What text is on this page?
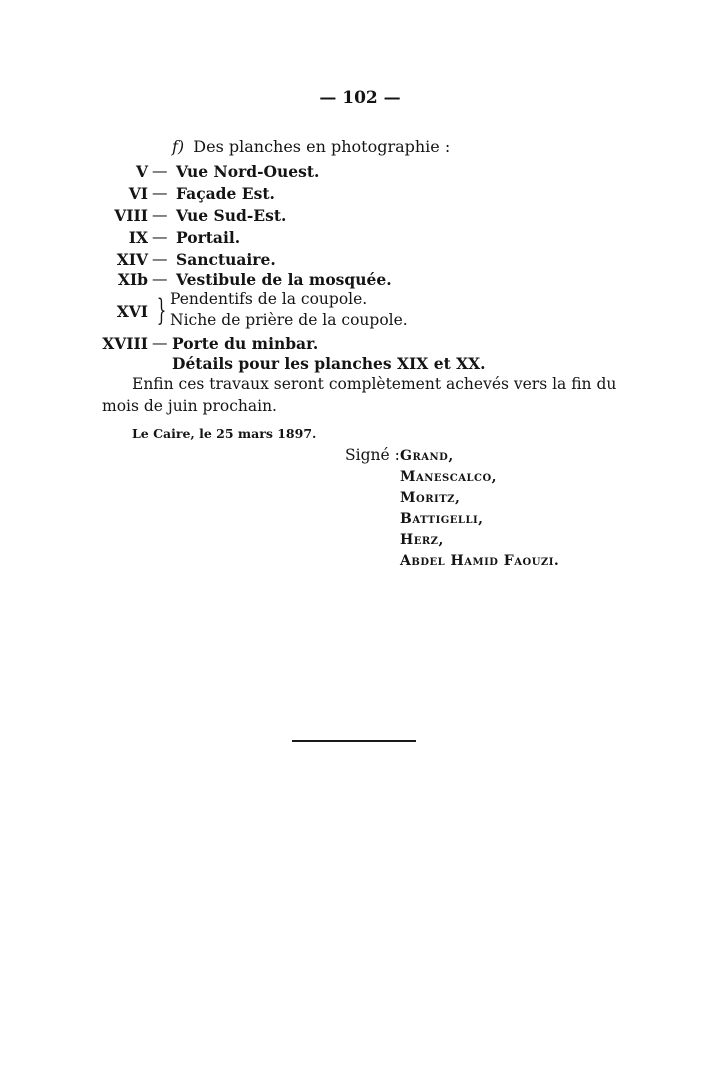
— 102 —
f) Des planches en photographie :
V — Vue Nord-Ouest.
VI — Façade Est.
VIII — Vue Sud-Est.
IX — Portail.
XIV — Sanctuaire.
XIb — Vestibule de la mosquée.
XVI } Pendentifs de la coupole.
Niche de prière de la coupole.
XVIII — Porte du minbar.
Détails pour les planches XIX et XX.
Enfin ces travaux seront complètement achevés vers la fin du
mois de juin prochain.
Le Caire, le 25 mars 1897.
Signé : Grand,
Manescalco,
Moritz,
Battigelli,
Herz,
Abdel Hamid Faouzi.
